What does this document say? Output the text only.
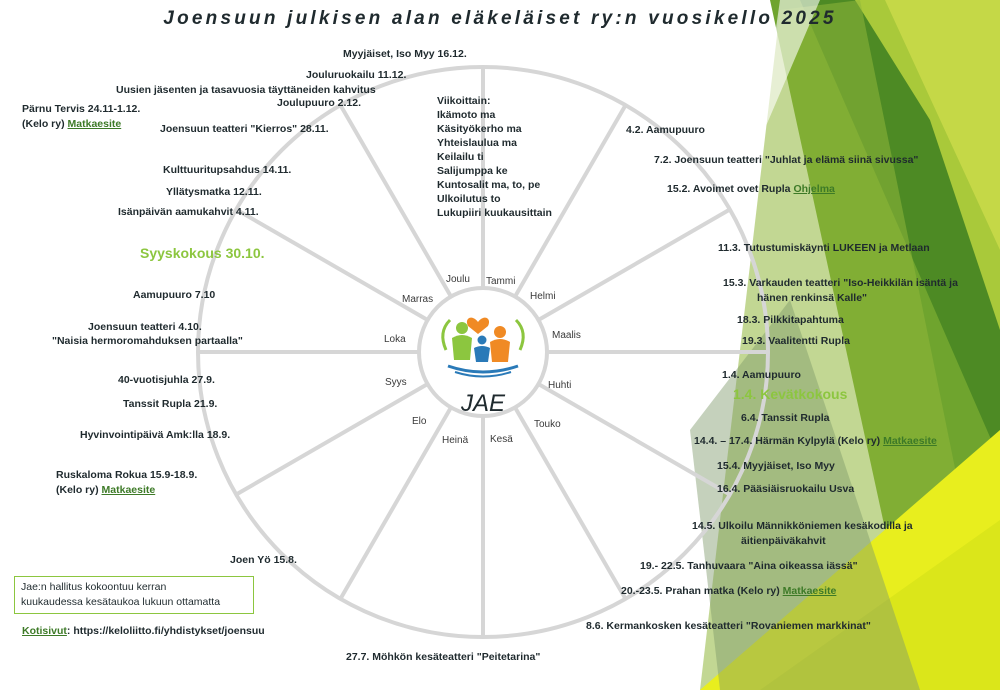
Joensuun julkisen alan eläkeläiset ry:n vuosikello 2025
JAE
Joulu Tammi
Helmi
Maalis
Huhti
Touko
Kesä
Heinä
Elo
Syys
Loka
Marras
Viikoittain:
Ikämoto ma
Käsityökerho ma
Yhteislaulua ma
Keilailu ti
Salijumppa ke
Kuntosalit ma, to, pe
Ulkoilutus to
Lukupiiri kuukausittain
Myyjäiset, Iso Myy 16.12.
Jouluruokailu 11.12.
Uusien jäsenten ja tasavuosia täyttäneiden kahvitus
Joulupuuro 2.12.
Pärnu Tervis 24.11-1.12.
(Kelo ry) Matkaesite	Joensuun teatteri "Kierros" 28.11.
Kulttuuritupsahdus 14.11.
Yllätysmatka 12.11.
Isänpäivän aamukahvit 4.11.
Syyskokous 30.10.
Aamupuuro 7.10
Joensuun teatteri 4.10.
"Naisia hermoromahduksen partaalla"
40-vuotisjuhla 27.9.
Tanssit Rupla 21.9.
Hyvinvointipäivä Amk:lla 18.9.
Ruskaloma Rokua 15.9-18.9.
(Kelo ry) Matkaesite
Joen Yö 15.8.
27.7. Möhkön kesäteatteri "Peitetarina"
8.6. Kermankosken kesäteatteri "Rovaniemen markkinat"
20.-23.5. Prahan matka (Kelo ry) Matkaesite
19.- 22.5. Tanhuvaara "Aina oikeassa iässä"
14.5. Ulkoilu Männikköniemen kesäkodilla ja
äitienpäiväkahvit
16.4. Pääsiäisruokailu Usva
15.4. Myyjäiset, Iso Myy
14.4. – 17.4. Härmän Kylpylä (Kelo ry) Matkaesite
6.4. Tanssit Rupla
1.4. Kevätkokous
1.4. Aamupuuro
19.3. Vaalitentti Rupla
18.3. Pilkkitapahtuma
15.3. Varkauden teatteri "Iso-Heikkilän isäntä ja
hänen renkinsä Kalle"
11.3. Tutustumiskäynti LUKEEN ja Metlaan
15.2. Avoimet ovet Rupla Ohjelma
7.2. Joensuun teatteri "Juhlat ja elämä siinä sivussa"
4.2. Aamupuuro
Jae:n hallitus kokoontuu kerran
kuukaudessa kesätaukoa lukuun ottamatta
Kotisivut: https://keloliitto.fi/yhdistykset/joensuu
